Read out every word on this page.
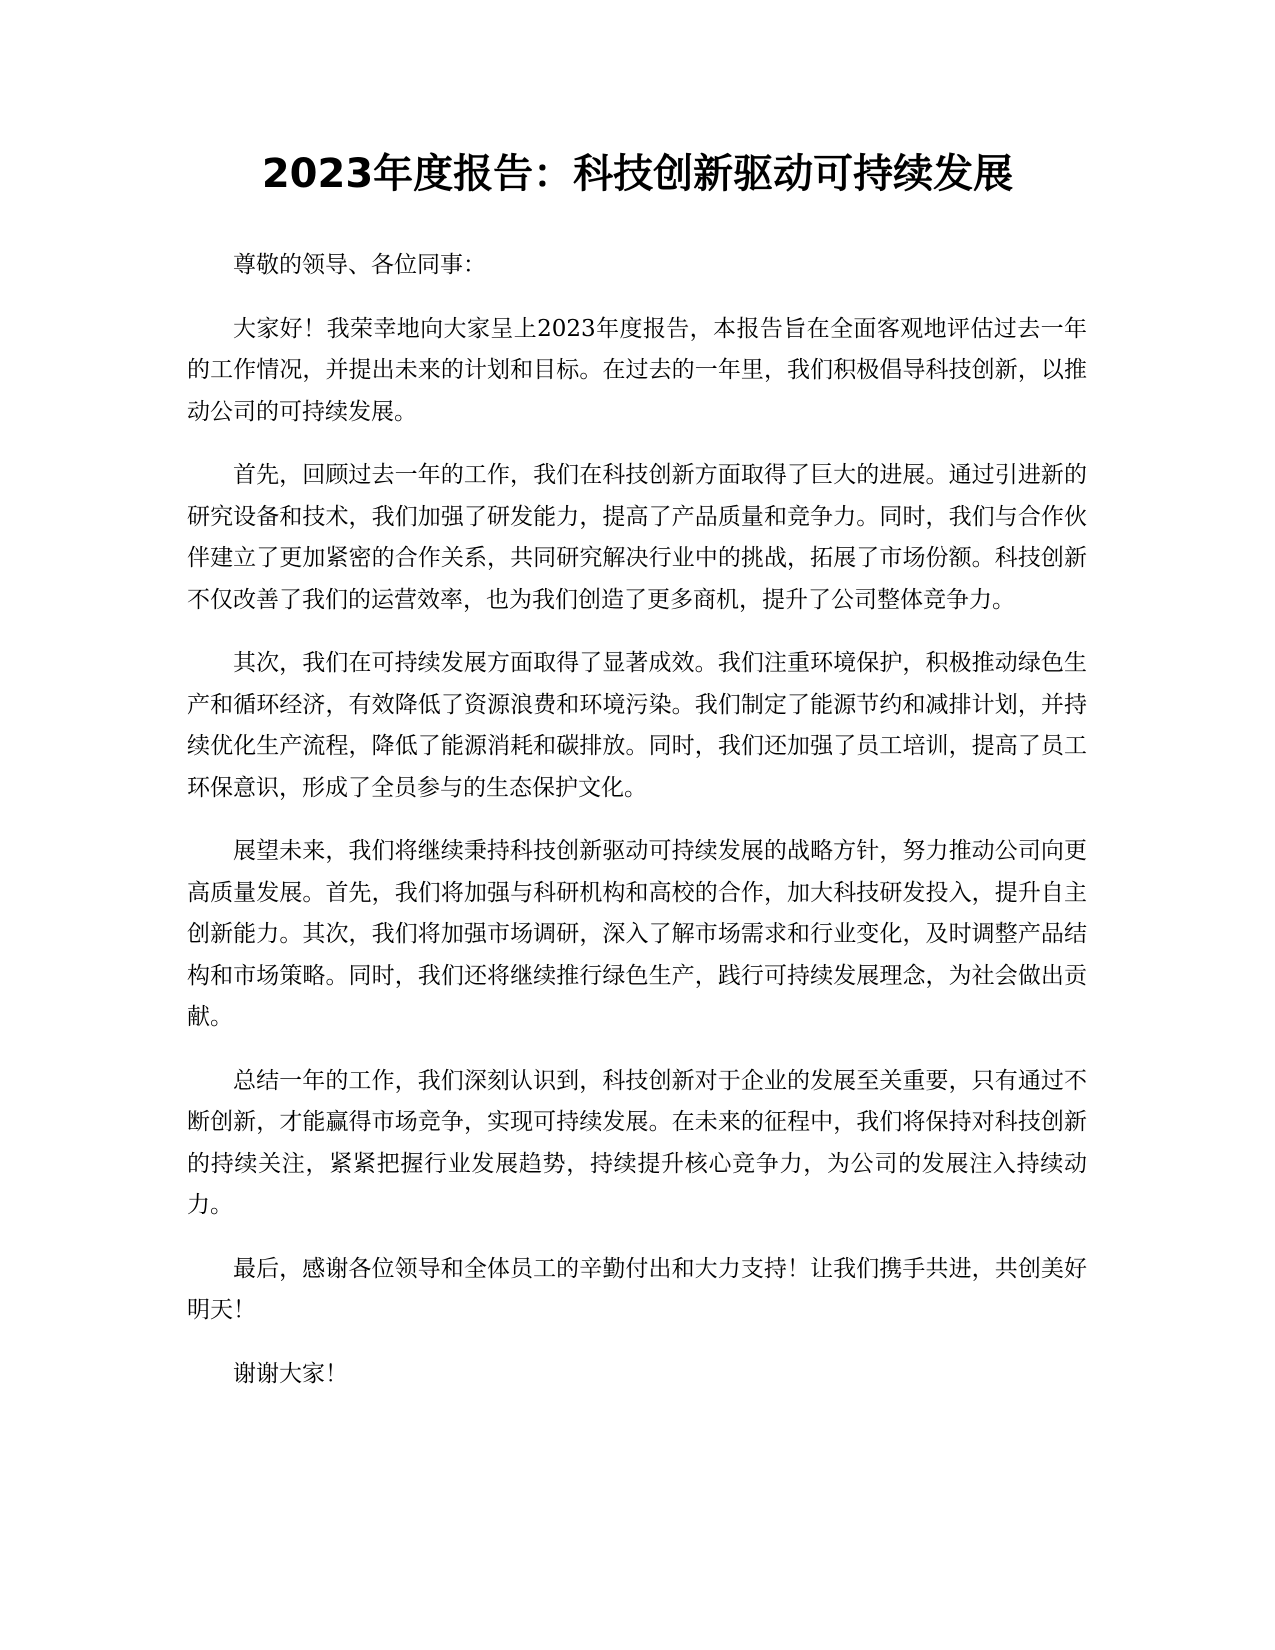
2023年度报告：科技创新驱动可持续发展

尊敬的领导、各位同事：

大家好！我荣幸地向大家呈上2023年度报告，本报告旨在全面客观地评估过去一年的工作情况，并提出未来的计划和目标。在过去的一年里，我们积极倡导科技创新，以推动公司的可持续发展。

首先，回顾过去一年的工作，我们在科技创新方面取得了巨大的进展。通过引进新的研究设备和技术，我们加强了研发能力，提高了产品质量和竞争力。同时，我们与合作伙伴建立了更加紧密的合作关系，共同研究解决行业中的挑战，拓展了市场份额。科技创新不仅改善了我们的运营效率，也为我们创造了更多商机，提升了公司整体竞争力。

其次，我们在可持续发展方面取得了显著成效。我们注重环境保护，积极推动绿色生产和循环经济，有效降低了资源浪费和环境污染。我们制定了能源节约和减排计划，并持续优化生产流程，降低了能源消耗和碳排放。同时，我们还加强了员工培训，提高了员工环保意识，形成了全员参与的生态保护文化。

展望未来，我们将继续秉持科技创新驱动可持续发展的战略方针，努力推动公司向更高质量发展。首先，我们将加强与科研机构和高校的合作，加大科技研发投入，提升自主创新能力。其次，我们将加强市场调研，深入了解市场需求和行业变化，及时调整产品结构和市场策略。同时，我们还将继续推行绿色生产，践行可持续发展理念，为社会做出贡献。

总结一年的工作，我们深刻认识到，科技创新对于企业的发展至关重要，只有通过不断创新，才能赢得市场竞争，实现可持续发展。在未来的征程中，我们将保持对科技创新的持续关注，紧紧把握行业发展趋势，持续提升核心竞争力，为公司的发展注入持续动力。

最后，感谢各位领导和全体员工的辛勤付出和大力支持！让我们携手共进，共创美好明天！

谢谢大家！
